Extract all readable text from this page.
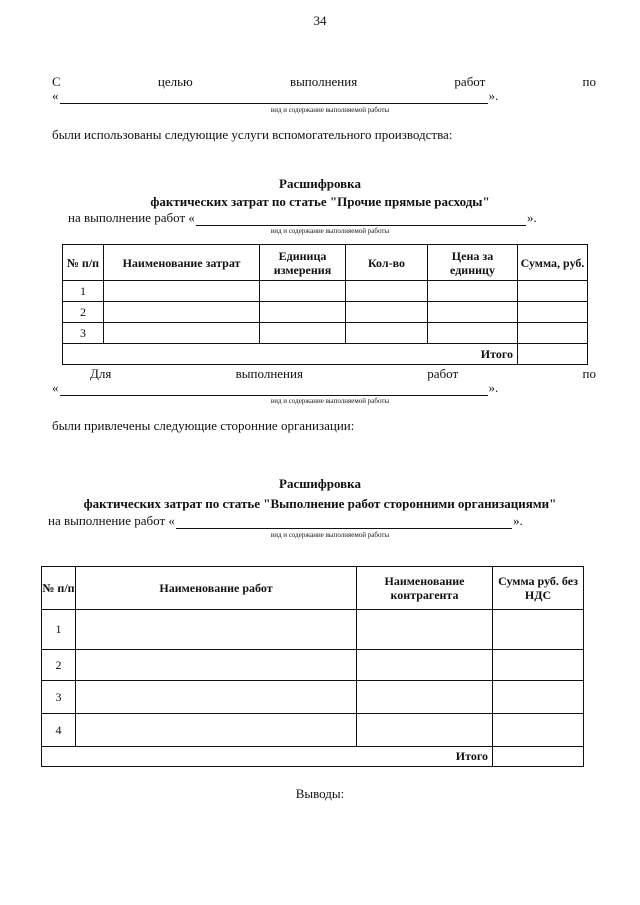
34
С	целью	выполнения	работ	по
«	».
вид и содержание выполняемой работы
были использованы следующие услуги вспомогательного производства:
Расшифровка
фактических затрат по статье "Прочие прямые расходы"
на выполнение работ «	».
вид и содержание выполняемой работы
№ п/п	Наименование затрат	Единица измерения	Кол-во	Цена за единицу	Сумма, руб.
1					
2					
3					
Итого					
Для	выполнения	работ	по
«	».
вид и содержание выполняемой работы
были привлечены следующие сторонние организации:
Расшифровка
фактических затрат по статье "Выполнение работ сторонними организациями"
на выполнение работ «	».
вид и содержание выполняемой работы
№ п/п	Наименование работ	Наименование контрагента	Сумма руб. без НДС
1			
2			
3			
4			
Итого			
Выводы:
